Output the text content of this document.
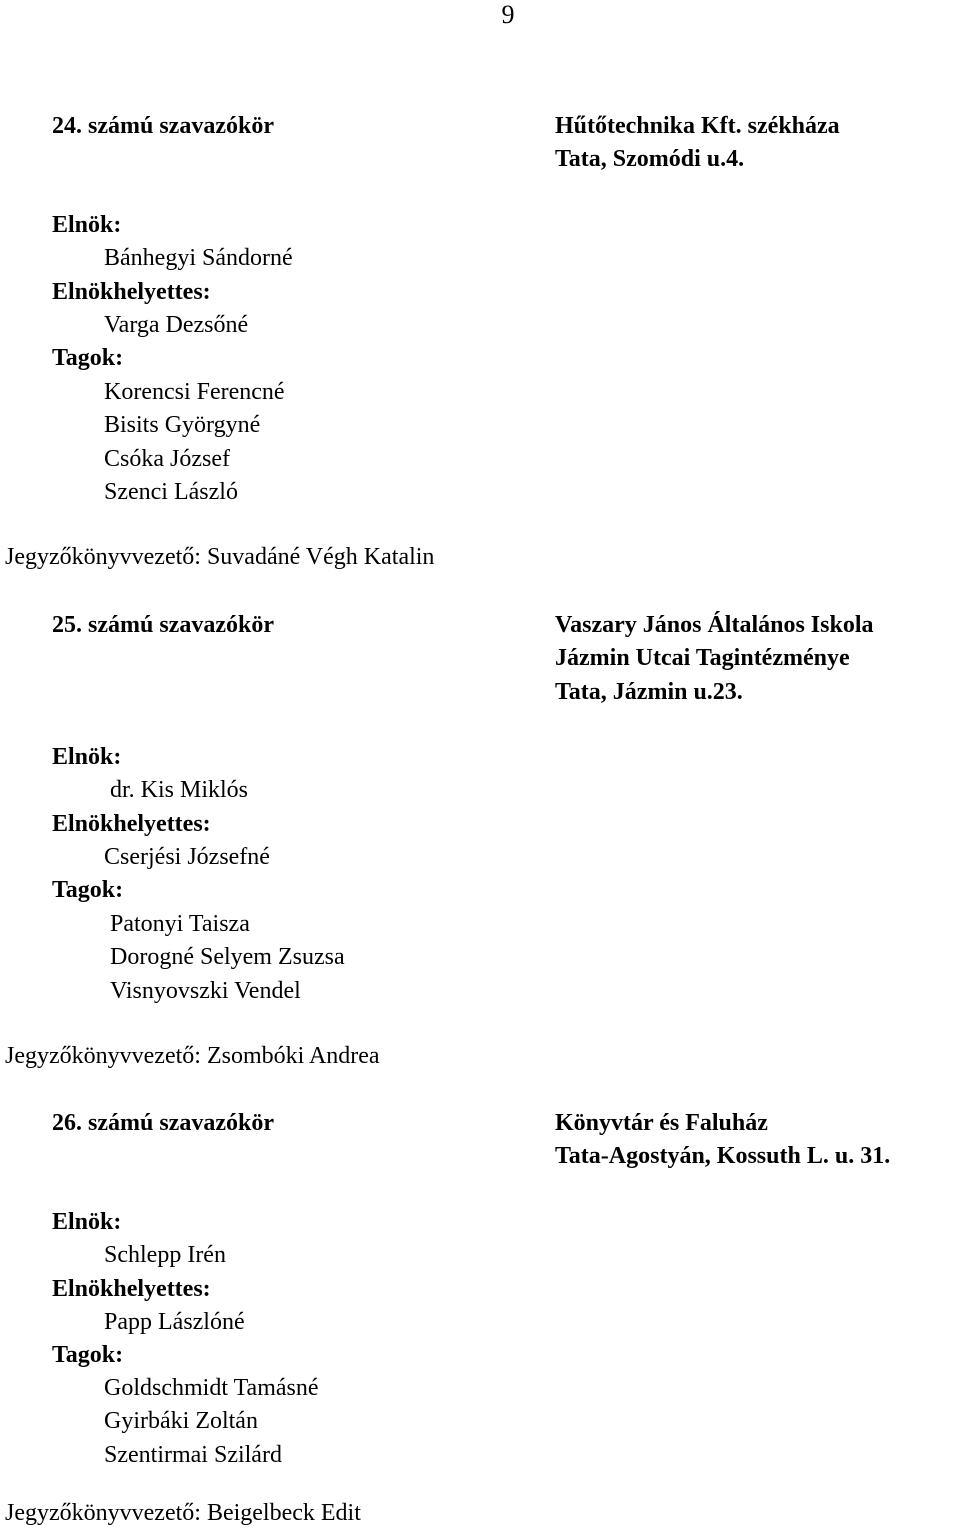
9
24. számú szavazókör	Hűtőtechnika Kft. székháza
Tata, Szomódi u.4.
Elnök:
Bánhegyi Sándorné
Elnökhelyettes:
Varga Dezsőné
Tagok:
Korencsi Ferencné
Bisits Györgyné
Csóka József
Szenci László
Jegyzőkönyvvezető: Suvadáné Végh Katalin
25. számú szavazókör	Vaszary János Általános Iskola
Jázmin Utcai Tagintézménye
Tata, Jázmin u.23.
Elnök:
dr. Kis Miklós
Elnökhelyettes:
Cserjési Józsefné
Tagok:
Patonyi Taisza
Dorogné Selyem Zsuzsa
Visnyovszki Vendel
Jegyzőkönyvvezető: Zsombóki Andrea
26. számú szavazókör	Könyvtár és Faluház
Tata-Agostyán, Kossuth L. u. 31.
Elnök:
Schlepp Irén
Elnökhelyettes:
Papp Lászlóné
Tagok:
Goldschmidt Tamásné
Gyirbáki Zoltán
Szentirmai Szilárd
Jegyzőkönyvvezető: Beigelbeck Edit
